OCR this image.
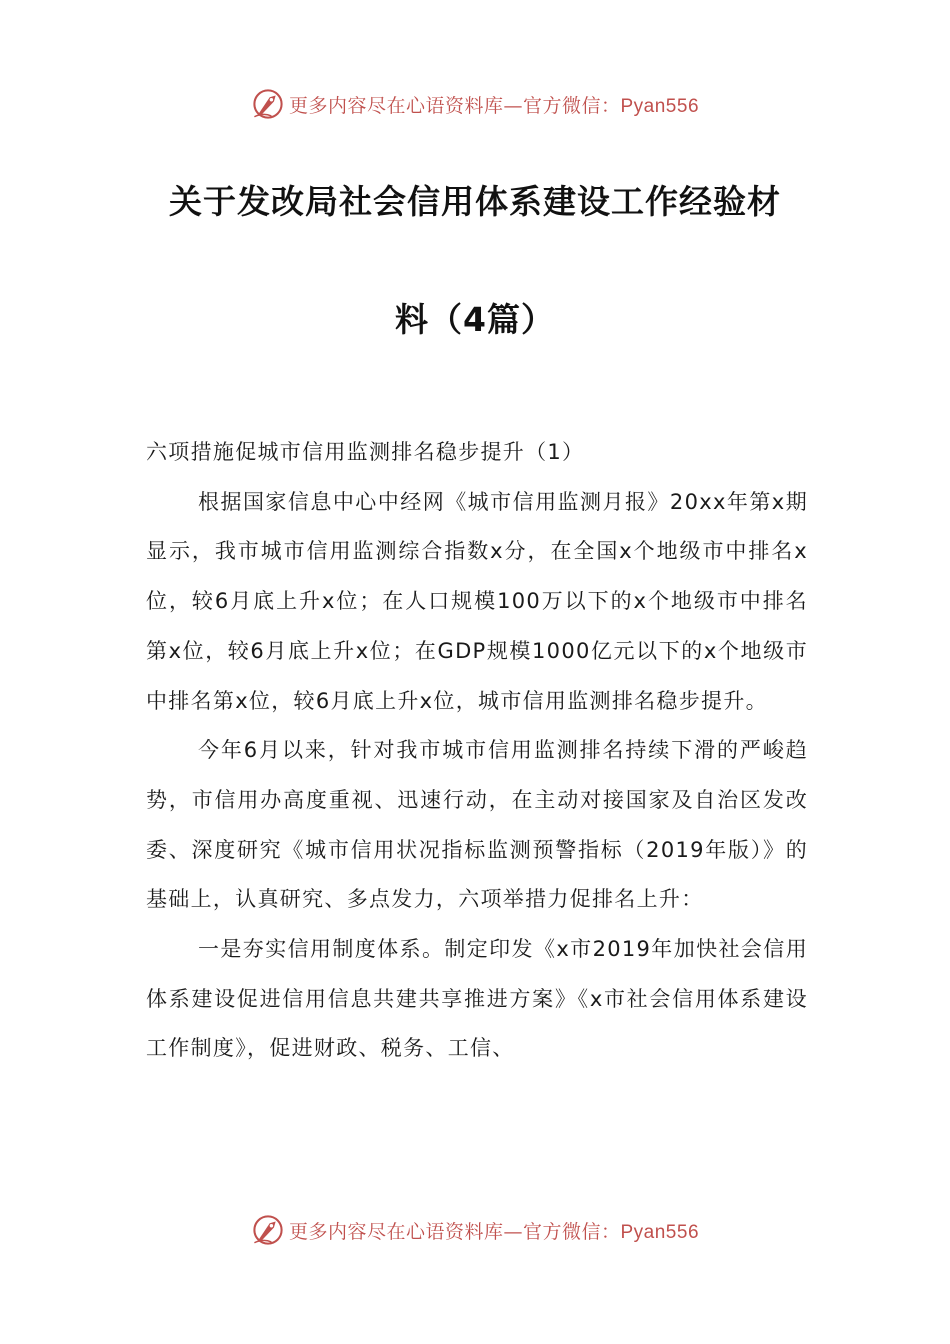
更多内容尽在心语资料库—官方微信：Pyan556
关于发改局社会信用体系建设工作经验材
料（4篇）

六项措施促城市信用监测排名稳步提升（1）

根据国家信息中心中经网《城市信用监测月报》20xx年第x期显示，我市城市信用监测综合指数x分，在全国x个地级市中排名x位，较6月底上升x位；在人口规模100万以下的x个地级市中排名第x位，较6月底上升x位；在GDP规模1000亿元以下的x个地级市中排名第x位，较6月底上升x位，城市信用监测排名稳步提升。

今年6月以来，针对我市城市信用监测排名持续下滑的严峻趋势，市信用办高度重视、迅速行动，在主动对接国家及自治区发改委、深度研究《城市信用状况指标监测预警指标（2019年版）》的基础上，认真研究、多点发力，六项举措力促排名上升：

一是夯实信用制度体系。制定印发《x市2019年加快社会信用体系建设促进信用信息共建共享推进方案》《x市社会信用体系建设工作制度》，促进财政、税务、工信、

更多内容尽在心语资料库—官方微信：Pyan556
